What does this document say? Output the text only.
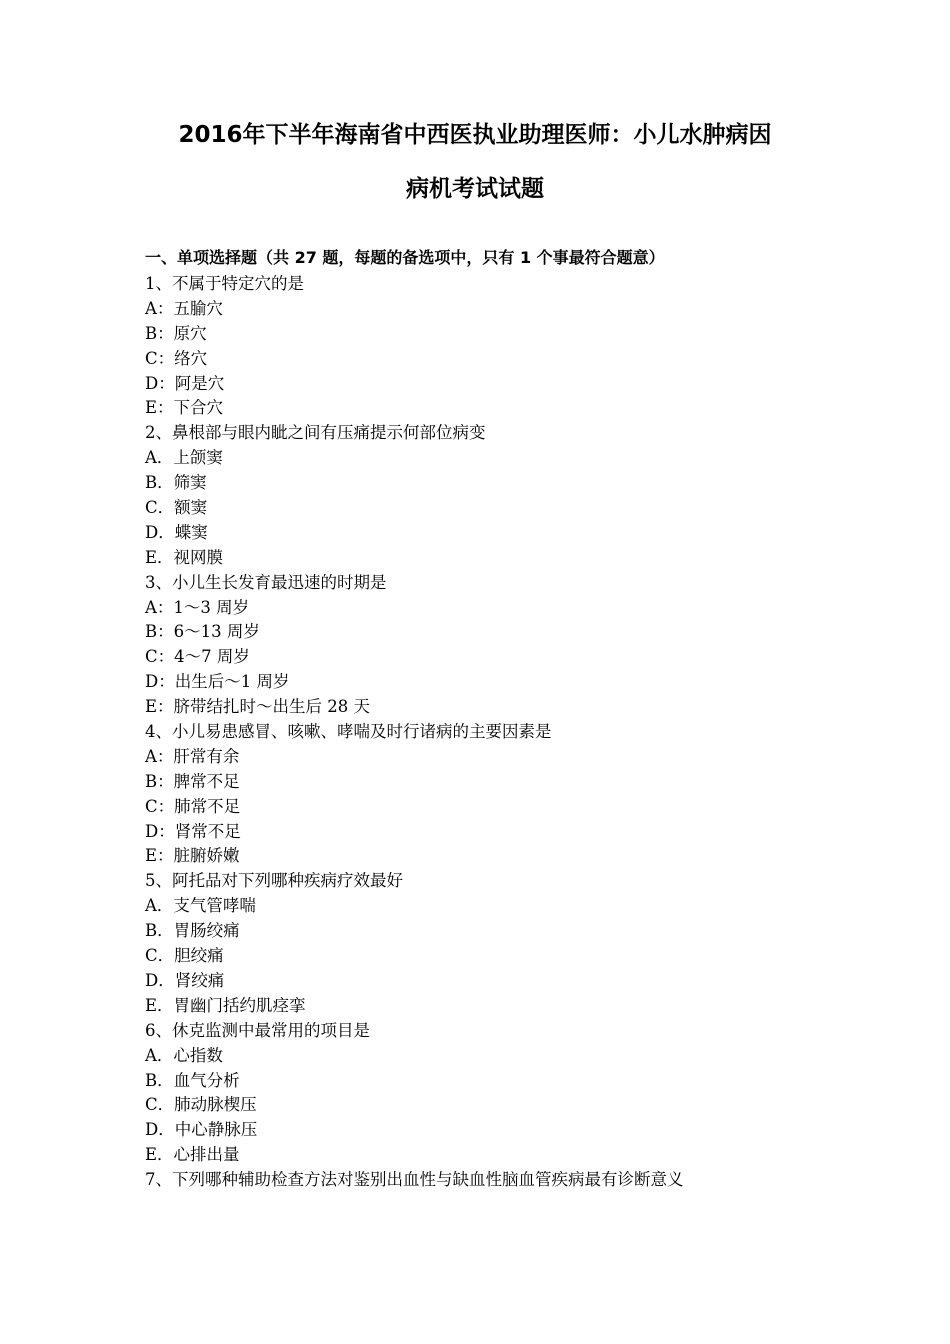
2016年下半年海南省中西医执业助理医师：小儿水肿病因
病机考试试题
一、单项选择题（共 27 题，每题的备选项中，只有 1 个事最符合题意）
1、不属于特定穴的是
A：五腧穴
B：原穴
C：络穴
D：阿是穴
E：下合穴
2、鼻根部与眼内眦之间有压痛提示何部位病变
A．上颌窦
B．筛窦
C．额窦
D．蝶窦
E．视网膜
3、小儿生长发育最迅速的时期是
A：1～3 周岁
B：6～13 周岁
C：4～7 周岁
D：出生后～1 周岁
E：脐带结扎时～出生后 28 天
4、小儿易患感冒、咳嗽、哮喘及时行诸病的主要因素是
A：肝常有余
B：脾常不足
C：肺常不足
D：肾常不足
E：脏腑娇嫩
5、阿托品对下列哪种疾病疗效最好
A．支气管哮喘
B．胃肠绞痛
C．胆绞痛
D．肾绞痛
E．胃幽门括约肌痉挛
6、休克监测中最常用的项目是
A．心指数
B．血气分析
C．肺动脉楔压
D．中心静脉压
E．心排出量
7、下列哪种辅助检查方法对鉴别出血性与缺血性脑血管疾病最有诊断意义
